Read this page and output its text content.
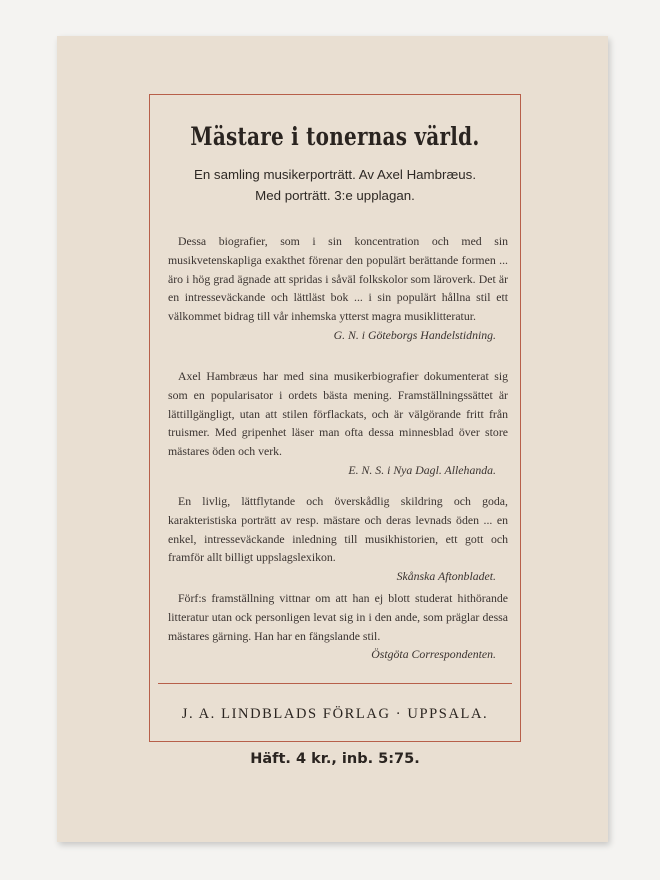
Mästare i tonernas värld.
En samling musikerporträtt. Av Axel Hambræus.
Med porträtt. 3:e upplagan.
Dessa biografier, som i sin koncentration och med sin musikvetenskapliga exakthet förenar den populärt berättande formen ... äro i hög grad ägnade att spridas i såväl folkskolor som läroverk. Det är en intresseväckande och lättläst bok ... i sin populärt hållna stil ett välkommet bidrag till vår inhemska ytterst magra musiklitteratur.
G. N. i Göteborgs Handelstidning.
Axel Hambræus har med sina musikerbiografier dokumenterat sig som en popularisator i ordets bästa mening. Framställningssättet är lättillgängligt, utan att stilen förflackats, och är välgörande fritt från truismer. Med gripenhet läser man ofta dessa minnesblad över store mästares öden och verk.
E. N. S. i Nya Dagl. Allehanda.
En livlig, lättflytande och överskådlig skildring och goda, karakteristiska porträtt av resp. mästare och deras levnads öden ... en enkel, intresseväckande inledning till musikhistorien, ett gott och framför allt billigt uppslagslexikon.
Skånska Aftonbladet.
Förf:s framställning vittnar om att han ej blott studerat hithörande litteratur utan ock personligen levat sig in i den ande, som präglar dessa mästares gärning. Han har en fängslande stil.
Östgöta Correspondenten.
J. A. LINDBLADS FÖRLAG · UPPSALA.
Häft. 4 kr., inb. 5:75.
